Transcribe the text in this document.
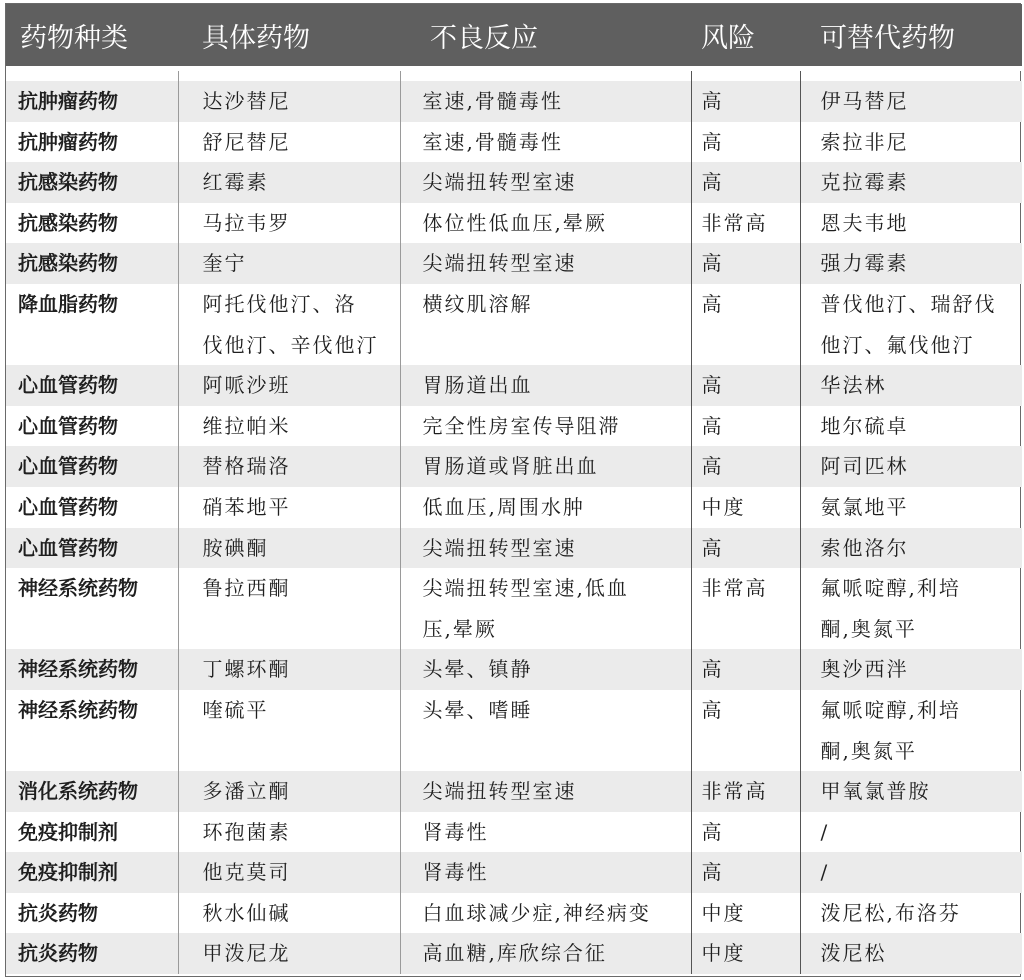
药物种类	具体药物	不良反应	风险	可替代药物

抗肿瘤药物	达沙替尼	室速,骨髓毒性	高	伊马替尼
抗肿瘤药物	舒尼替尼	室速,骨髓毒性	高	索拉非尼
抗感染药物	红霉素	尖端扭转型室速	高	克拉霉素
抗感染药物	马拉韦罗	体位性低血压,晕厥	非常高	恩夫韦地
抗感染药物	奎宁	尖端扭转型室速	高	强力霉素
降血脂药物	阿托伐他汀、洛	横纹肌溶解	高	普伐他汀、瑞舒伐
	伐他汀、辛伐他汀			他汀、氟伐他汀
心血管药物	阿哌沙班	胃肠道出血	高	华法林
心血管药物	维拉帕米	完全性房室传导阻滞	高	地尔硫卓
心血管药物	替格瑞洛	胃肠道或肾脏出血	高	阿司匹林
心血管药物	硝苯地平	低血压,周围水肿	中度	氨氯地平
心血管药物	胺碘酮	尖端扭转型室速	高	索他洛尔
神经系统药物	鲁拉西酮	尖端扭转型室速,低血	非常高	氟哌啶醇,利培
		压,晕厥		酮,奥氮平
神经系统药物	丁螺环酮	头晕、镇静	高	奥沙西泮
神经系统药物	喹硫平	头晕、嗜睡	高	氟哌啶醇,利培
				酮,奥氮平
消化系统药物	多潘立酮	尖端扭转型室速	非常高	甲氧氯普胺
免疫抑制剂	环孢菌素	肾毒性	高	/
免疫抑制剂	他克莫司	肾毒性	高	/
抗炎药物	秋水仙碱	白血球减少症,神经病变	中度	泼尼松,布洛芬
抗炎药物	甲泼尼龙	高血糖,库欣综合征	中度	泼尼松
